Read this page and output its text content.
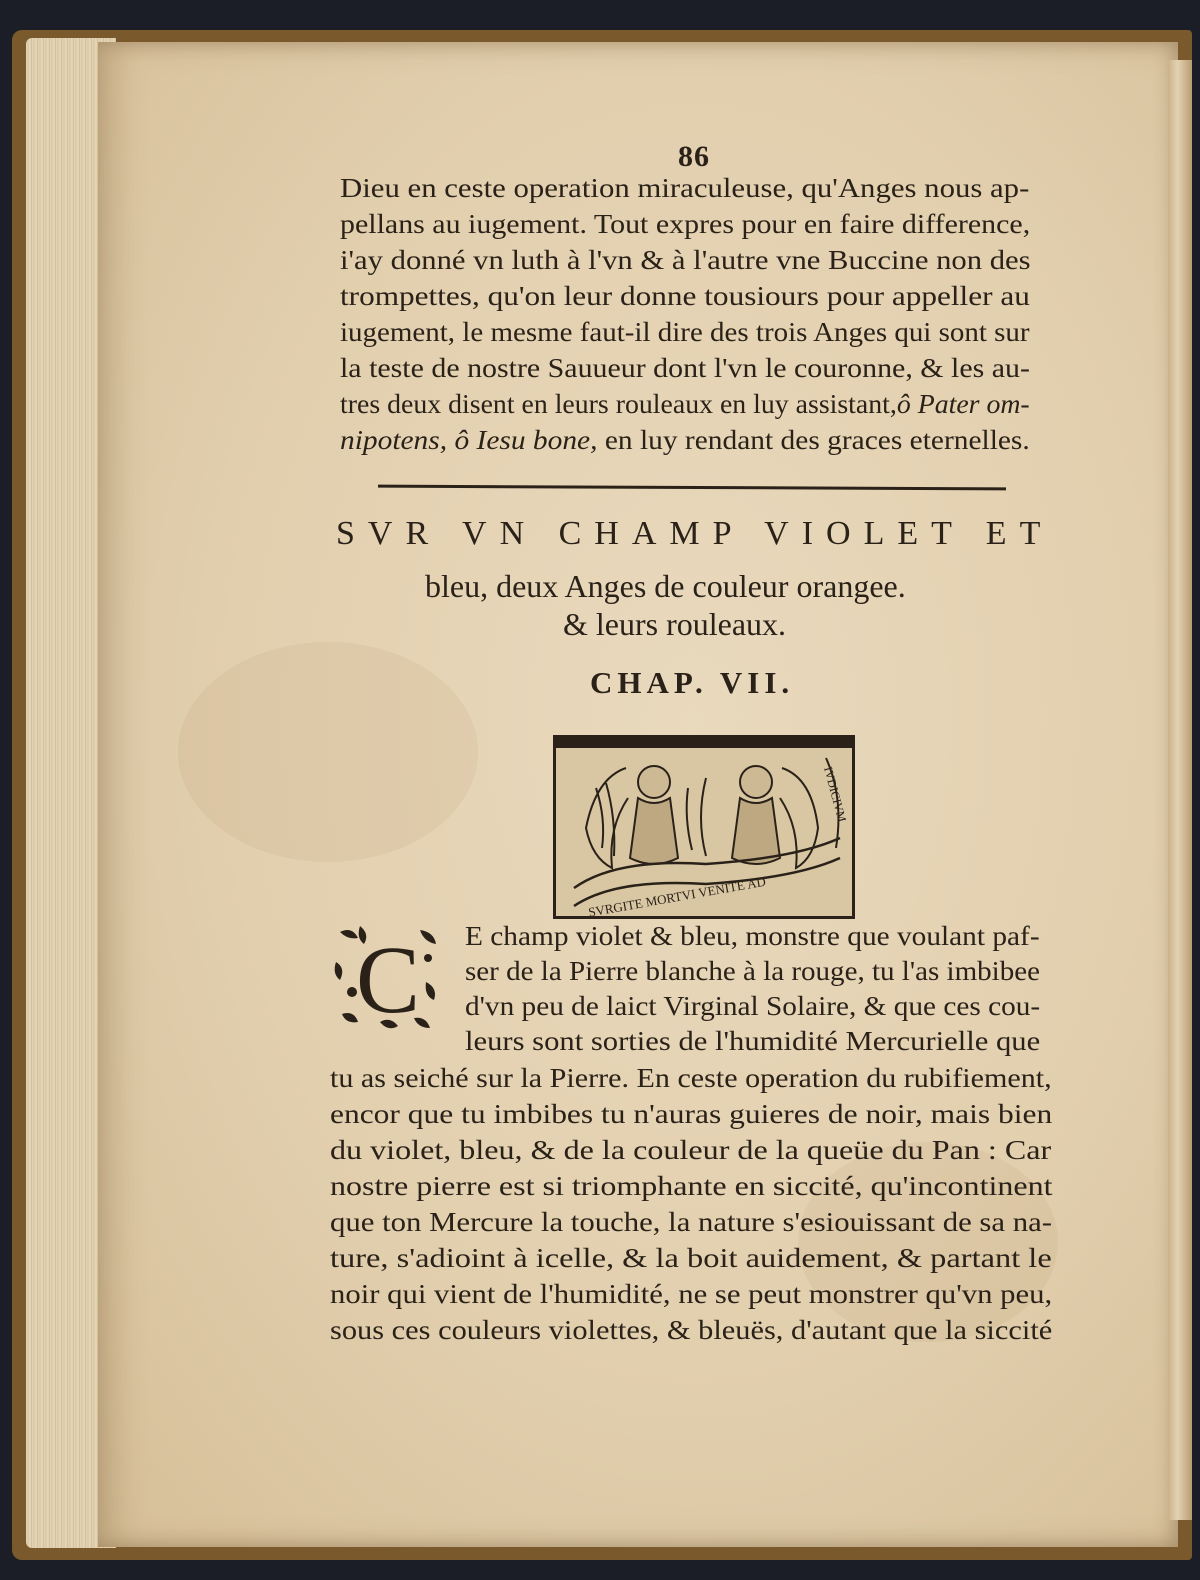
86
Dieu en ceste operation miraculeuse, qu'Anges nous ap-
pellans au iugement. Tout expres pour en faire difference,
i'ay donné vn luth à l'vn & à l'autre vne Buccine non des
trompettes, qu'on leur donne tousiours pour appeller au
iugement, le mesme faut-il dire des trois Anges qui sont sur
la teste de nostre Sauueur dont l'vn le couronne, & les au-
tres deux disent en leurs rouleaux en luy assistant,ô Pater om-
nipotens, ô Iesu bone, en luy rendant des graces eternelles.
SVR VN CHAMP VIOLET ET
bleu, deux Anges de couleur orangee.
& leurs rouleaux.
CHAP. VII.
SVRGITE MORTVI VENITE AD
IVDICIVM
C E champ violet & bleu, monstre que voulant paf-
ser de la Pierre blanche à la rouge, tu l'as imbibee
d'vn peu de laict Virginal Solaire, & que ces cou-
leurs sont sorties de l'humidité Mercurielle que
tu as seiché sur la Pierre. En ceste operation du rubifiement,
encor que tu imbibes tu n'auras guieres de noir, mais bien
du violet, bleu, & de la couleur de la queüe du Pan : Car
nostre pierre est si triomphante en siccité, qu'incontinent
que ton Mercure la touche, la nature s'esiouissant de sa na-
ture, s'adioint à icelle, & la boit auidement, & partant le
noir qui vient de l'humidité, ne se peut monstrer qu'vn peu,
sous ces couleurs violettes, & bleuës, d'autant que la siccité
